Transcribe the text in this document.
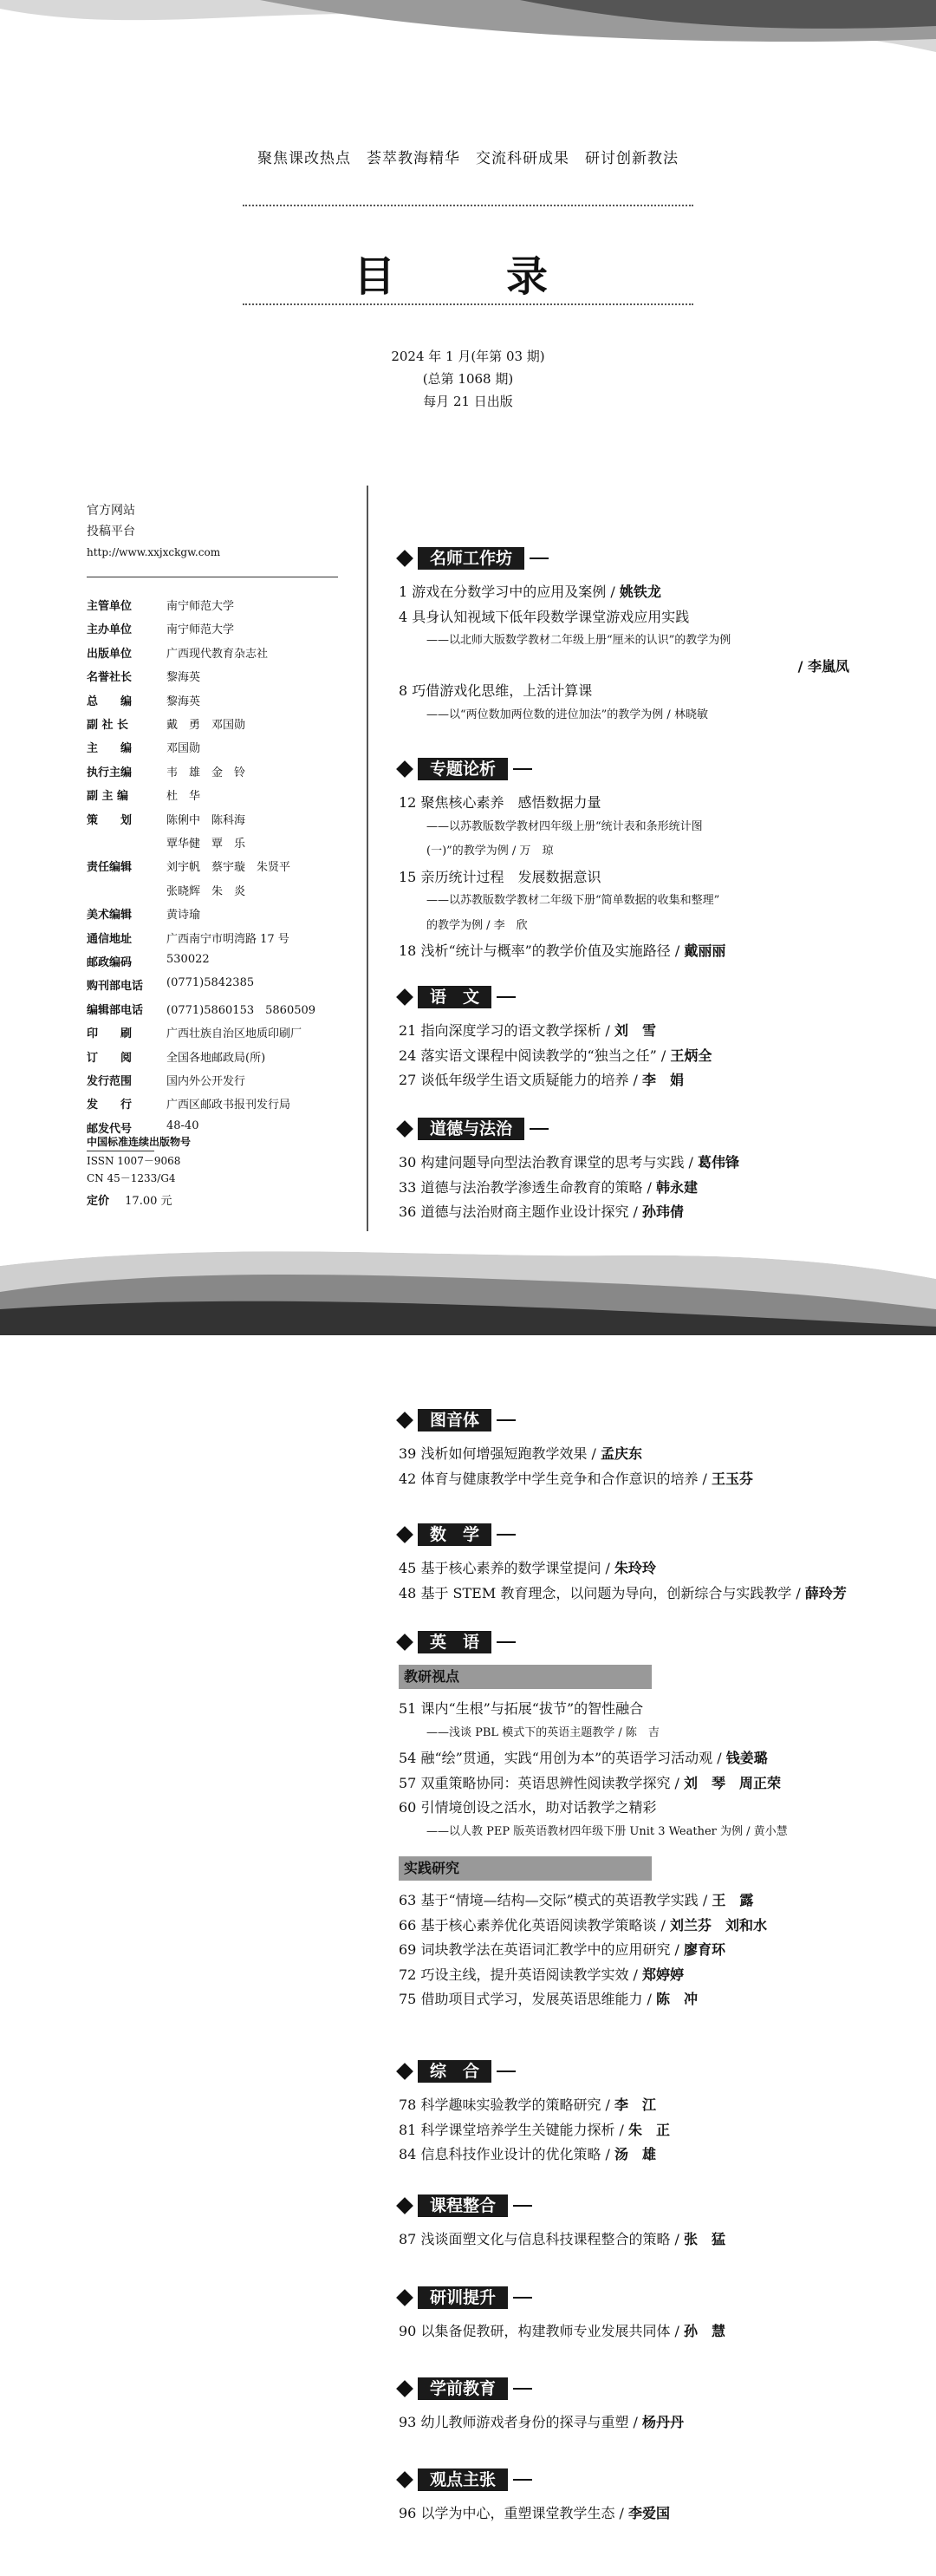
聚焦课改热点　荟萃教海精华　交流科研成果　研讨创新教法
目　录
2024 年 1 月(年第 03 期)
(总第 1068 期)
每月 21 日出版
官方网站
投稿平台
http://www.xxjxckgw.com
主管单位	南宁师范大学
主办单位	南宁师范大学
出版单位	广西现代教育杂志社
名誉社长	黎海英
总　　编	黎海英
副 社 长	戴　勇　邓国勋
主　　编	邓国勋
执行主编	韦　雄　金　铃
副 主 编	杜　华
策　　划	陈俐中　陈科海
覃华健　覃　乐
责任编辑	刘宇帆　蔡宇璇　朱贤平
张晓辉　朱　炎
美术编辑	黄诗瑜
通信地址	广西南宁市明湾路 17 号
邮政编码	530022
购刊部电话	(0771)5842385
编辑部电话	(0771)5860153　5860509
印　　刷	广西壮族自治区地质印刷厂
订　　阅	全国各地邮政局(所)
发行范围	国内外公开发行
发　　行	广西区邮政书报刊发行局
邮发代号	48-40
中国标准连续出版物号
ISSN 1007－9068
CN 45－1233/G4
定价 17.00 元
名师工作坊
1 游戏在分数学习中的应用及案例 / 姚铁龙
4 具身认知视域下低年段数学课堂游戏应用实践
——以北师大版数学教材二年级上册“厘米的认识”的教学为例
/ 李嵐凤
8 巧借游戏化思维，上活计算课
——以“两位数加两位数的进位加法”的教学为例 / 林晓敏
专题论析
12 聚焦核心素养　感悟数据力量
——以苏教版数学教材四年级上册“统计表和条形统计图
(一)”的教学为例 / 万　琼
15 亲历统计过程　发展数据意识
——以苏教版数学教材二年级下册“简单数据的收集和整理”
的教学为例 / 李　欣
18 浅析“统计与概率”的教学价值及实施路径 / 戴丽丽
语　文
21 指向深度学习的语文教学探析 / 刘　雪
24 落实语文课程中阅读教学的“独当之任” / 王炳全
27 谈低年级学生语文质疑能力的培养 / 李　娟
道德与法治
30 构建问题导向型法治教育课堂的思考与实践 / 葛伟锋
33 道德与法治教学渗透生命教育的策略 / 韩永建
36 道德与法治财商主题作业设计探究 / 孙玮倩
图音体
39 浅析如何增强短跑教学效果 / 孟庆东
42 体育与健康教学中学生竞争和合作意识的培养 / 王玉芬
数　学
45 基于核心素养的数学课堂提问 / 朱玲玲
48 基于 STEM 教育理念，以问题为导向，创新综合与实践教学 / 薛玲芳
英　语
教研视点
51 课内“生根”与拓展“拔节”的智性融合
——浅谈 PBL 模式下的英语主题教学 / 陈　吉
54 融“绘”贯通，实践“用创为本”的英语学习活动观 / 钱姜璐
57 双重策略协同：英语思辨性阅读教学探究 / 刘　琴　周正荣
60 引情境创设之活水，助对话教学之精彩
——以人教 PEP 版英语教材四年级下册 Unit 3 Weather 为例 / 黄小慧
实践研究
63 基于“情境—结构—交际”模式的英语教学实践 / 王　露
66 基于核心素养优化英语阅读教学策略谈 / 刘兰芬　刘和水
69 词块教学法在英语词汇教学中的应用研究 / 廖育环
72 巧设主线，提升英语阅读教学实效 / 郑婷婷
75 借助项目式学习，发展英语思维能力 / 陈　冲
综　合
78 科学趣味实验教学的策略研究 / 李　江
81 科学课堂培养学生关键能力探析 / 朱　正
84 信息科技作业设计的优化策略 / 汤　雄
课程整合
87 浅谈面塑文化与信息科技课程整合的策略 / 张　猛
研训提升
90 以集备促教研，构建教师专业发展共同体 / 孙　慧
学前教育
93 幼儿教师游戏者身份的探寻与重塑 / 杨丹丹
观点主张
96 以学为中心，重塑课堂教学生态 / 李爱国
